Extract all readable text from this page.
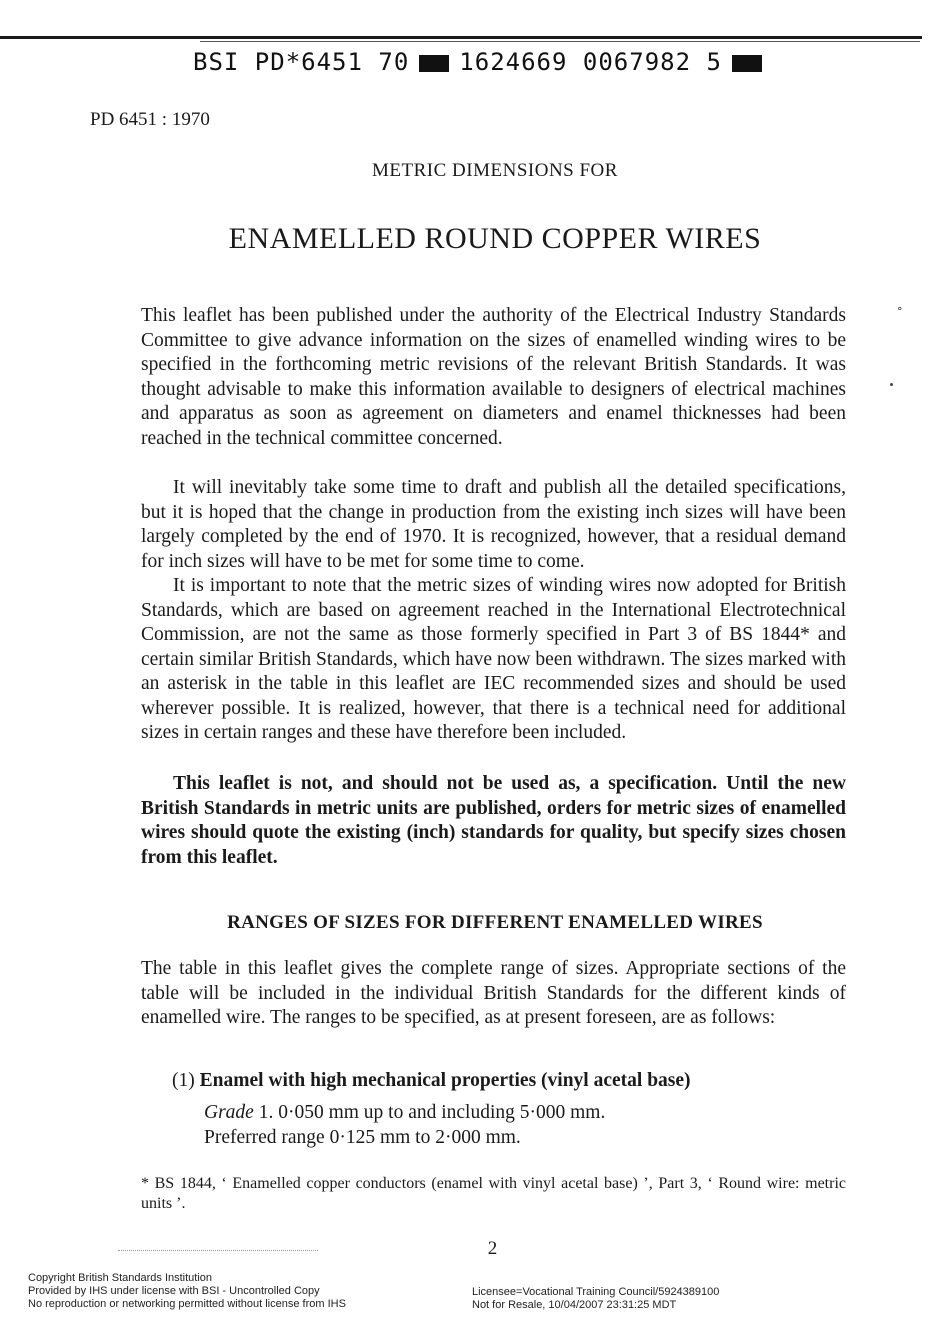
BSI PD*6451 70 1624669 0067982 5
PD 6451 : 1970
METRIC DIMENSIONS FOR
ENAMELLED ROUND COPPER WIRES
°

This leaflet has been published under the authority of the Electrical Industry Standards Committee to give advance information on the sizes of enamelled winding wires to be specified in the forthcoming metric revisions of the relevant British Standards. It was thought advisable to make this information available to designers of electrical machines and apparatus as soon as agreement on diameters and enamel thicknesses had been reached in the technical committee concerned.

It will inevitably take some time to draft and publish all the detailed specifications, but it is hoped that the change in production from the existing inch sizes will have been largely completed by the end of 1970. It is recognized, however, that a residual demand for inch sizes will have to be met for some time to come.

It is important to note that the metric sizes of winding wires now adopted for British Standards, which are based on agreement reached in the International Electrotechnical Commission, are not the same as those formerly specified in Part 3 of BS 1844* and certain similar British Standards, which have now been withdrawn. The sizes marked with an asterisk in the table in this leaflet are IEC recommended sizes and should be used wherever possible. It is realized, however, that there is a technical need for additional sizes in certain ranges and these have therefore been included.

This leaflet is not, and should not be used as, a specification. Until the new British Standards in metric units are published, orders for metric sizes of enamelled wires should quote the existing (inch) standards for quality, but specify sizes chosen from this leaflet.

RANGES OF SIZES FOR DIFFERENT ENAMELLED WIRES

The table in this leaflet gives the complete range of sizes. Appropriate sections of the table will be included in the individual British Standards for the different kinds of enamelled wire. The ranges to be specified, as at present foreseen, are as follows:

(1) Enamel with high mechanical properties (vinyl acetal base)
Grade 1. 0·050 mm up to and including 5·000 mm.
Preferred range 0·125 mm to 2·000 mm.
* BS 1844, ‘ Enamelled copper conductors (enamel with vinyl acetal base) ’, Part 3, ‘ Round wire: metric units ’.
2
Copyright British Standards Institution
Provided by IHS under license with BSI - Uncontrolled Copy
No reproduction or networking permitted without license from IHS
Licensee=Vocational Training Council/5924389100
Not for Resale, 10/04/2007 23:31:25 MDT
